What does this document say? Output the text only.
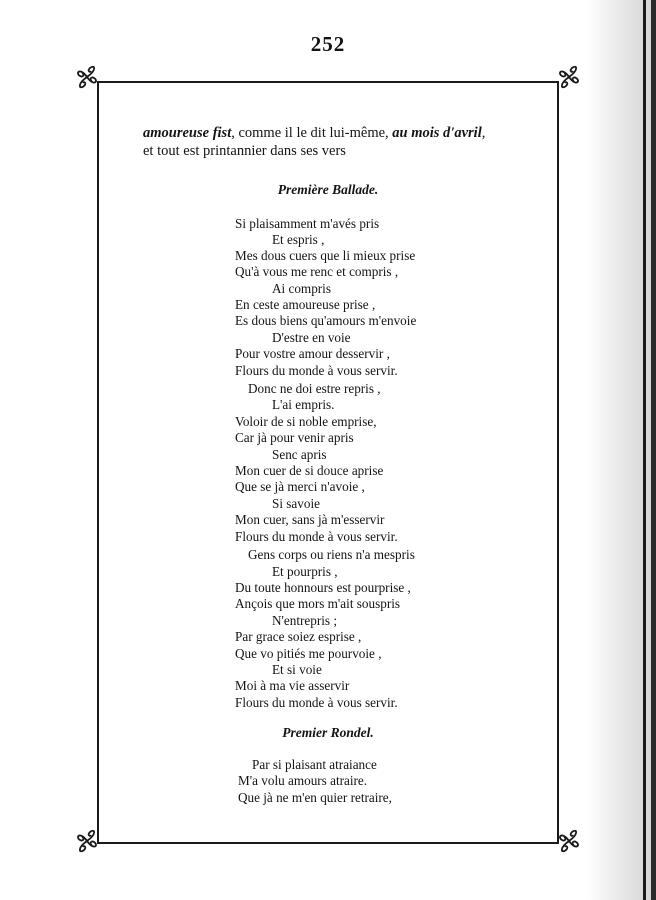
252
amoureuse fist, comme il le dit lui-même, au mois d'avril,
et tout est printannier dans ses vers
Première Ballade.
Si plaisamment m'avés pris
Et espris ,
Mes dous cuers que li mieux prise
Qu'à vous me renc et compris ,
Ai compris
En ceste amoureuse prise ,
Es dous biens qu'amours m'envoie
D'estre en voie
Pour vostre amour desservir ,
Flours du monde à vous servir.
Donc ne doi estre repris ,
L'ai empris.
Voloir de si noble emprise,
Car jà pour venir apris
Senc apris
Mon cuer de si douce aprise
Que se jà merci n'avoie ,
Si savoie
Mon cuer, sans jà m'esservir
Flours du monde à vous servir.
Gens corps ou riens n'a mespris
Et pourpris ,
Du toute honnours est pourprise ,
Ançois que mors m'ait souspris
N'entrepris ;
Par grace soiez esprise ,
Que vo pitiés me pourvoie ,
Et si voie
Moi à ma vie asservir
Flours du monde à vous servir.
Premier Rondel.
Par si plaisant atraiance
M'a volu amours atraire.
Que jà ne m'en quier retraire,
